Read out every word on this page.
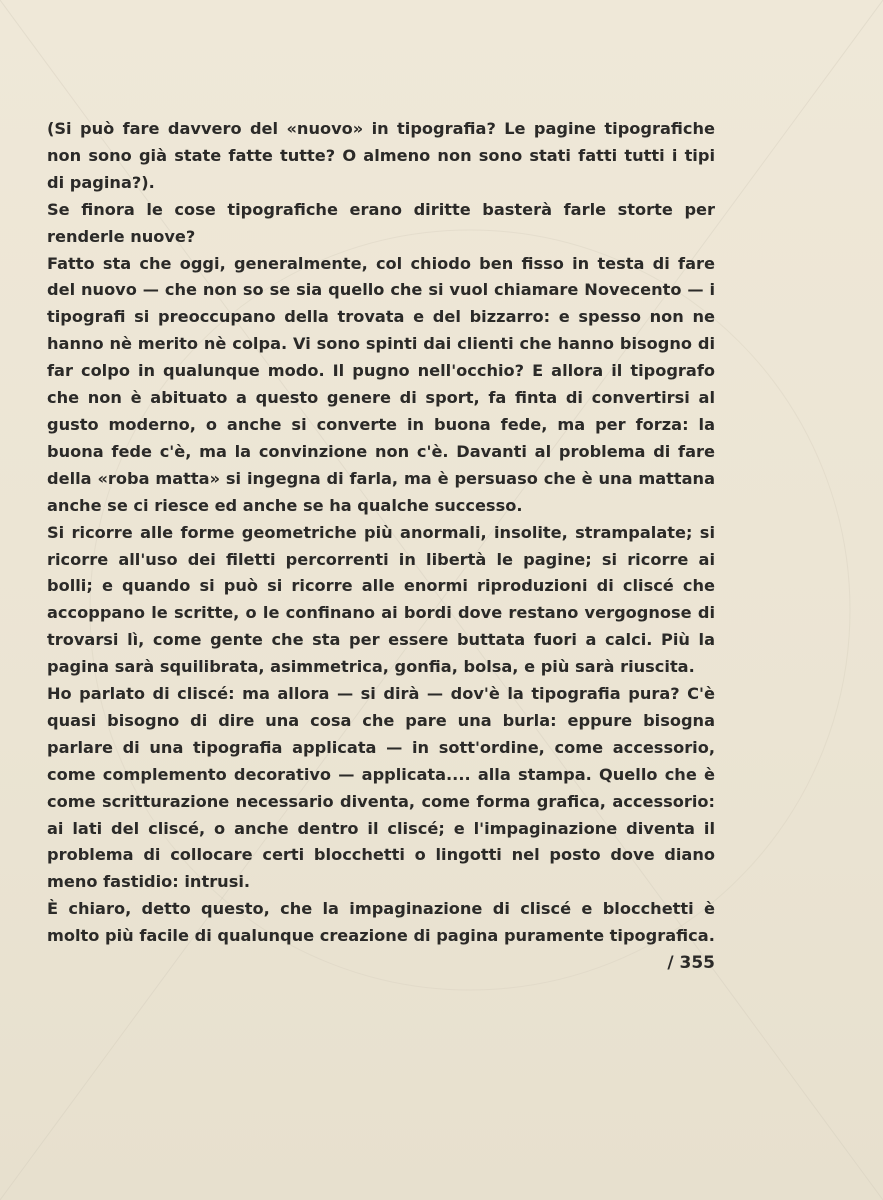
(Si può fare davvero del «nuovo» in tipografia? Le pagine tipografiche non sono già state fatte tutte? O almeno non sono stati fatti tutti i tipi di pagina?).

Se finora le cose tipografiche erano diritte basterà farle storte per renderle nuove?

Fatto sta che oggi, generalmente, col chiodo ben fisso in testa di fare del nuovo — che non so se sia quello che si vuol chiamare Novecento — i tipografi si preoccupano della trovata e del bizzarro: e spesso non ne hanno nè merito nè colpa. Vi sono spinti dai clienti che hanno bisogno di far colpo in qualunque modo. Il pugno nell'occhio? E allora il tipografo che non è abituato a questo genere di sport, fa finta di convertirsi al gusto moderno, o anche si converte in buona fede, ma per forza: la buona fede c'è, ma la convinzione non c'è. Davanti al problema di fare della «roba matta» si ingegna di farla, ma è persuaso che è una mattana anche se ci riesce ed anche se ha qualche successo.

Si ricorre alle forme geometriche più anormali, insolite, strampalate; si ricorre all'uso dei filetti percorrenti in libertà le pagine; si ricorre ai bolli; e quando si può si ricorre alle enormi riproduzioni di cliscé che accoppano le scritte, o le confinano ai bordi dove restano vergognose di trovarsi lì, come gente che sta per essere buttata fuori a calci. Più la pagina sarà squilibrata, asimmetrica, gonfia, bolsa, e più sarà riuscita.

Ho parlato di cliscé: ma allora — si dirà — dov'è la tipografia pura? C'è quasi bisogno di dire una cosa che pare una burla: eppure bisogna parlare di una tipografia applicata — in sott'ordine, come accessorio, come complemento decorativo — applicata.... alla stampa. Quello che è come scritturazione necessario diventa, come forma grafica, accessorio: ai lati del cliscé, o anche dentro il cliscé; e l'impaginazione diventa il problema di collocare certi blocchetti o lingotti nel posto dove diano meno fastidio: intrusi.

È chiaro, detto questo, che la impaginazione di cliscé e blocchetti è molto più facile di qualunque creazione di pagina puramente tipografica.

/ 355
